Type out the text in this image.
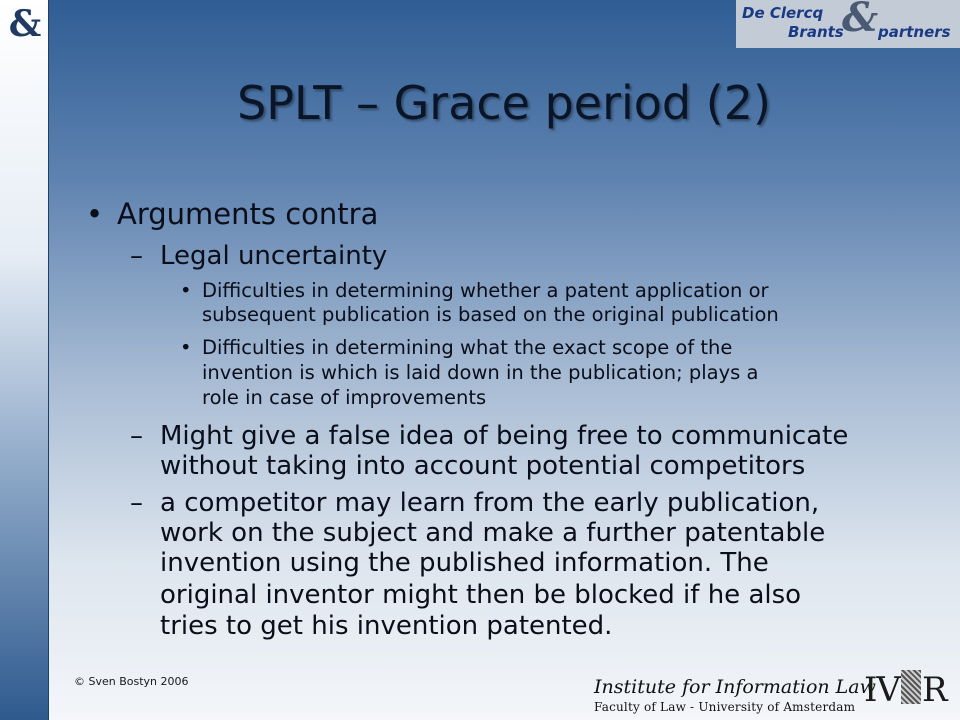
&	De Clercq
Brants
& partners
SPLT – Grace period (2)
• Arguments contra
– Legal uncertainty
• Difficulties in determining whether a patent application or
subsequent publication is based on the original publication
• Difficulties in determining what the exact scope of the
invention is which is laid down in the publication; plays a
role in case of improvements
– Might give a false idea of being free to communicate
without taking into account potential competitors
– a competitor may learn from the early publication,
work on the subject and make a further patentable
invention using the published information. The
original inventor might then be blocked if he also
tries to get his invention patented.
© Sven Bostyn 2006	Institute for Information Law
Faculty of Law - University of Amsterdam IV R
